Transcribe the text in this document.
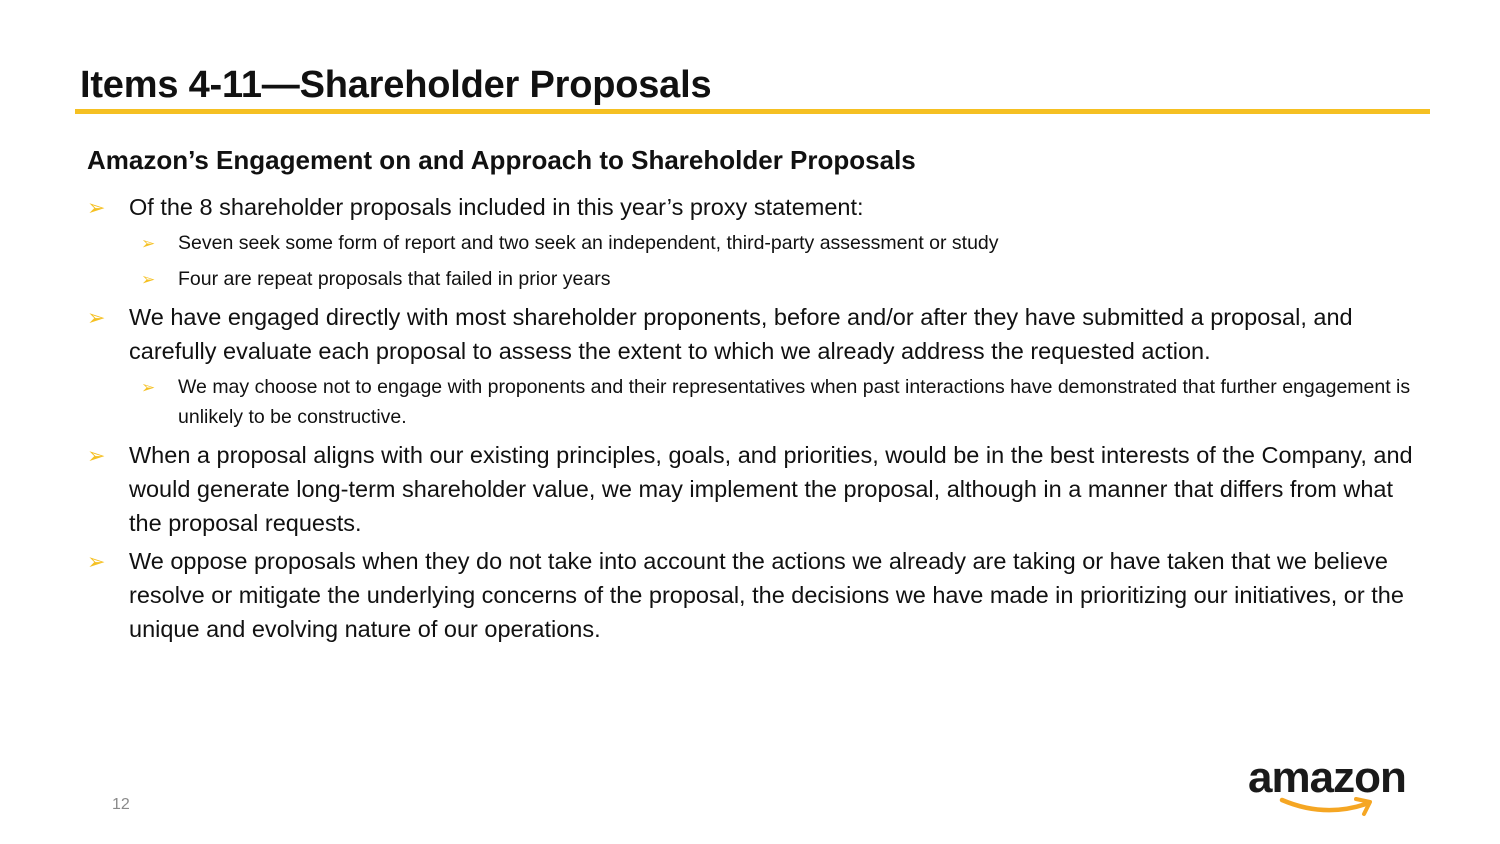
Items 4-11—Shareholder Proposals
Amazon’s Engagement on and Approach to Shareholder Proposals
➢ Of the 8 shareholder proposals included in this year’s proxy statement:
➢ Seven seek some form of report and two seek an independent, third-party assessment or study
➢ Four are repeat proposals that failed in prior years
➢ We have engaged directly with most shareholder proponents, before and/or after they have submitted a proposal, and carefully evaluate each proposal to assess the extent to which we already address the requested action.
➢ We may choose not to engage with proponents and their representatives when past interactions have demonstrated that further engagement is unlikely to be constructive.
➢ When a proposal aligns with our existing principles, goals, and priorities, would be in the best interests of the Company, and would generate long-term shareholder value, we may implement the proposal, although in a manner that differs from what the proposal requests.
➢ We oppose proposals when they do not take into account the actions we already are taking or have taken that we believe resolve or mitigate the underlying concerns of the proposal, the decisions we have made in prioritizing our initiatives, or the unique and evolving nature of our operations.
12
amazon
